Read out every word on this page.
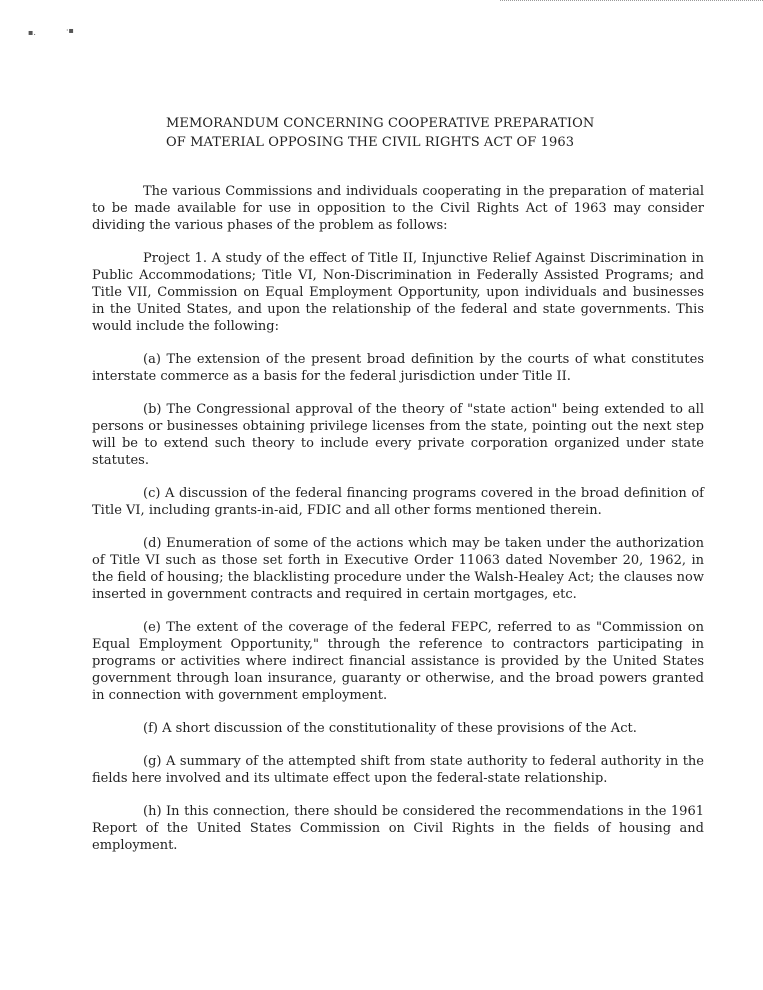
▪.	·▪
MEMORANDUM CONCERNING COOPERATIVE PREPARATION
OF MATERIAL OPPOSING THE CIVIL RIGHTS ACT OF 1963

The various Commissions and individuals cooperating in the preparation of material to be made available for use in opposition to the Civil Rights Act of 1963 may consider dividing the various phases of the problem as follows:

Project 1. A study of the effect of Title II, Injunctive Relief Against Discrimination in Public Accommodations; Title VI, Non-Discrimination in Federally Assisted Programs; and Title VII, Commission on Equal Employment Opportunity, upon individuals and businesses in the United States, and upon the relationship of the federal and state governments. This would include the following:

(a) The extension of the present broad definition by the courts of what constitutes interstate commerce as a basis for the federal jurisdiction under Title II.

(b) The Congressional approval of the theory of "state action" being extended to all persons or businesses obtaining privilege licenses from the state, pointing out the next step will be to extend such theory to include every private corporation organized under state statutes.

(c) A discussion of the federal financing programs covered in the broad definition of Title VI, including grants-in-aid, FDIC and all other forms mentioned therein.

(d) Enumeration of some of the actions which may be taken under the authorization of Title VI such as those set forth in Executive Order 11063 dated November 20, 1962, in the field of housing; the blacklisting procedure under the Walsh-Healey Act; the clauses now inserted in government contracts and required in certain mortgages, etc.

(e) The extent of the coverage of the federal FEPC, referred to as "Commission on Equal Employment Opportunity," through the reference to contractors participating in programs or activities where indirect financial assistance is provided by the United States government through loan insurance, guaranty or otherwise, and the broad powers granted in connection with government employment.

(f) A short discussion of the constitutionality of these provisions of the Act.

(g) A summary of the attempted shift from state authority to federal authority in the fields here involved and its ultimate effect upon the federal-state relationship.

(h) In this connection, there should be considered the recommendations in the 1961 Report of the United States Commission on Civil Rights in the fields of housing and employment.
